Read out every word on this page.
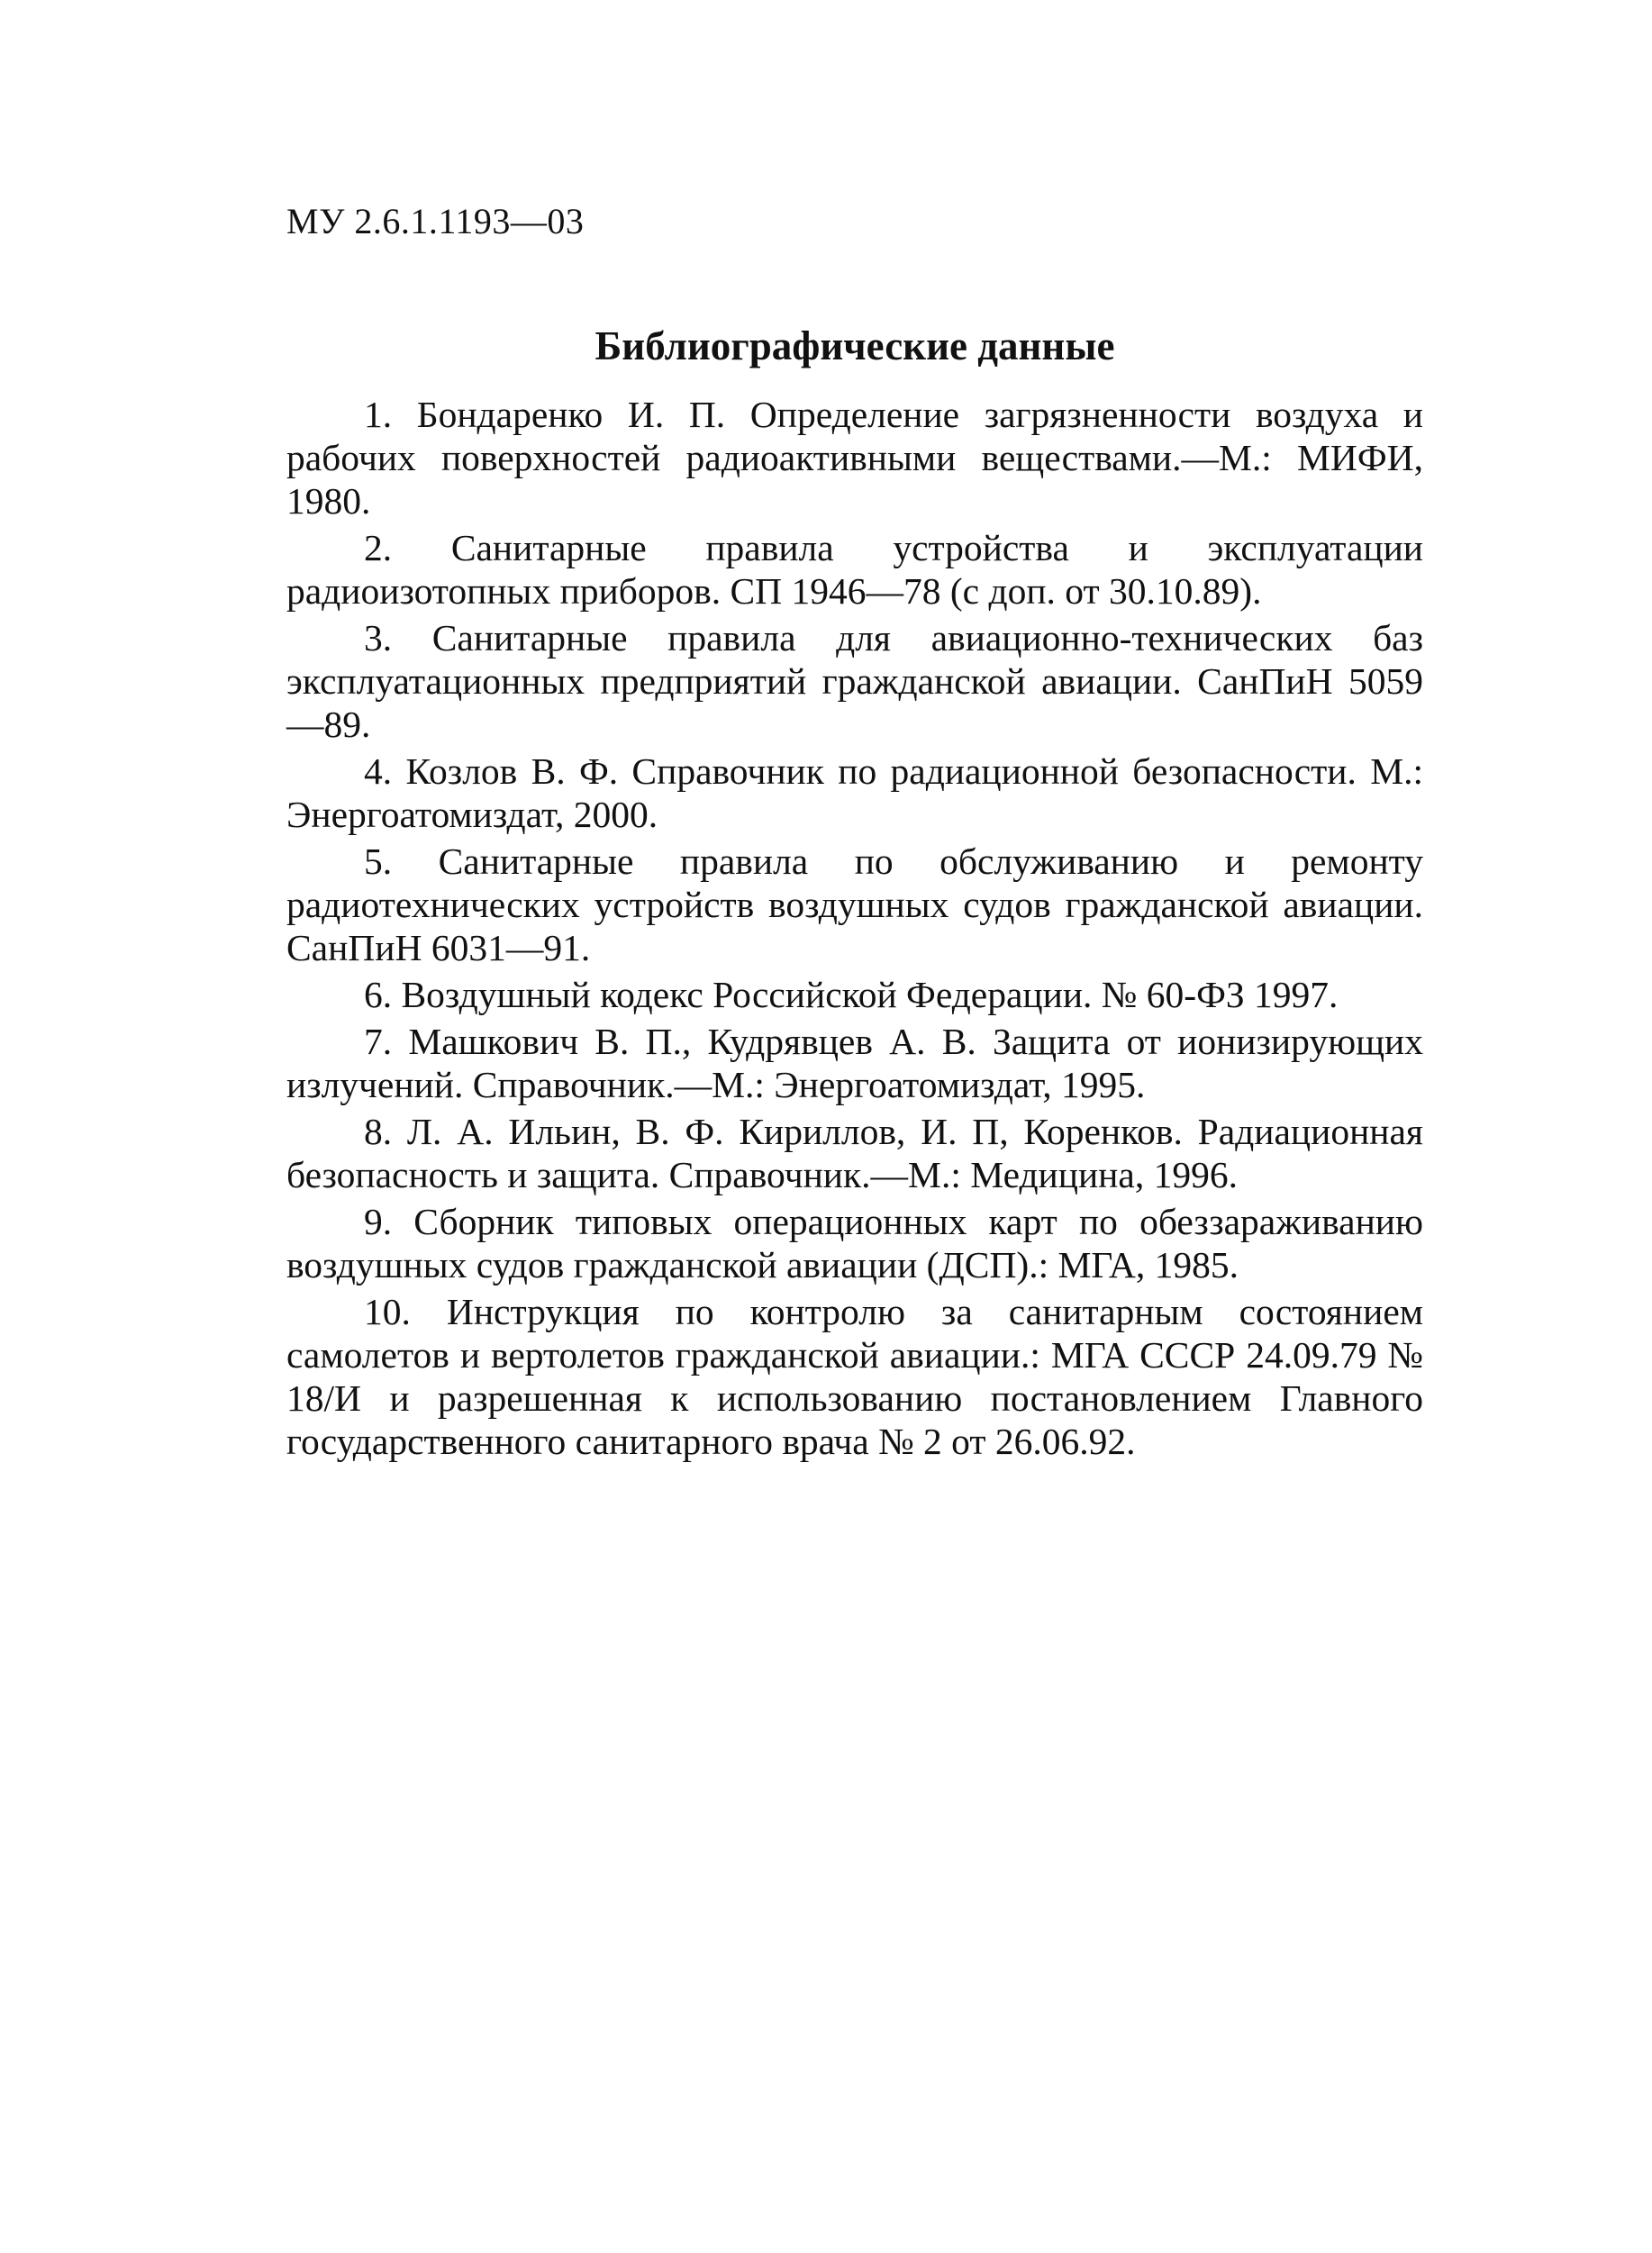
МУ 2.6.1.1193—03
Библиографические данные
1. Бондаренко И. П. Определение загрязненности воздуха и рабочих поверхностей радиоактивными веществами.—М.: МИФИ, 1980.
2. Санитарные правила устройства и эксплуатации радиоизотопных приборов. СП 1946—78 (с доп. от 30.10.89).
3. Санитарные правила для авиационно-технических баз эксплуатационных предприятий гражданской авиации. СанПиН 5059—89.
4. Козлов В. Ф. Справочник по радиационной безопасности. М.: Энергоатомиздат, 2000.
5. Санитарные правила по обслуживанию и ремонту радиотехнических устройств воздушных судов гражданской авиации. СанПиН 6031—91.
6. Воздушный кодекс Российской Федерации. № 60-ФЗ 1997.
7. Машкович В. П., Кудрявцев А. В. Защита от ионизирующих излучений. Справочник.—М.: Энергоатомиздат, 1995.
8. Л. А. Ильин, В. Ф. Кириллов, И. П, Коренков. Радиационная безопасность и защита. Справочник.—М.: Медицина, 1996.
9. Сборник типовых операционных карт по обеззараживанию воздушных судов гражданской авиации (ДСП).: МГА, 1985.
10. Инструкция по контролю за санитарным состоянием самолетов и вертолетов гражданской авиации.: МГА СССР 24.09.79 № 18/И и разрешенная к использованию постановлением Главного государственного санитарного врача № 2 от 26.06.92.
